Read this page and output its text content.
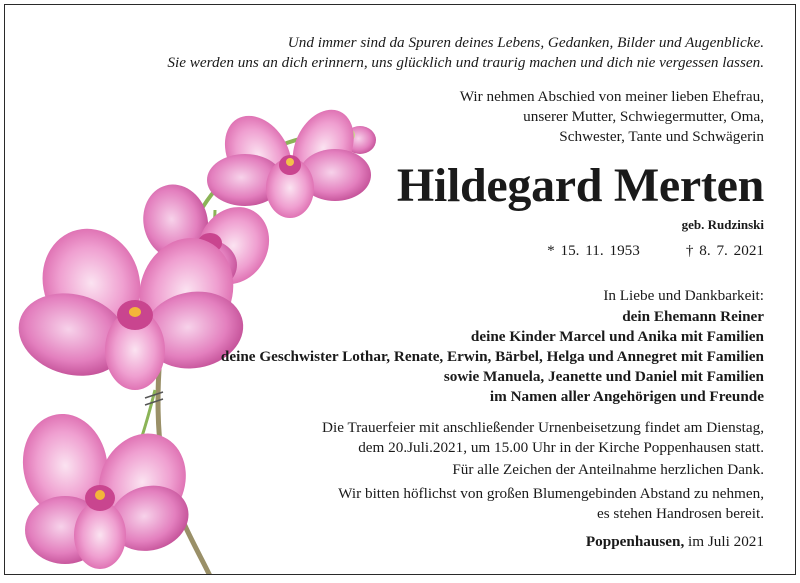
Und immer sind da Spuren deines Lebens, Gedanken, Bilder und Augenblicke.
Sie werden uns an dich erinnern, uns glücklich und traurig machen und dich nie vergessen lassen.
Wir nehmen Abschied von meiner lieben Ehefrau,
unserer Mutter, Schwiegermutter, Oma,
Schwester, Tante und Schwägerin
Hildegard Merten
geb. Rudzinski
* 15. 11. 1953	† 8. 7. 2021
In Liebe und Dankbarkeit:
dein Ehemann Reiner
deine Kinder Marcel und Anika mit Familien
deine Geschwister Lothar, Renate, Erwin, Bärbel, Helga und Annegret mit Familien
sowie Manuela, Jeanette und Daniel mit Familien
im Namen aller Angehörigen und Freunde
Die Trauerfeier mit anschließender Urnenbeisetzung findet am Dienstag,
dem 20.Juli.2021, um 15.00 Uhr in der Kirche Poppenhausen statt.
Für alle Zeichen der Anteilnahme herzlichen Dank.
Wir bitten höflichst von großen Blumengebinden Abstand zu nehmen,
es stehen Handrosen bereit.
Poppenhausen, im Juli 2021
